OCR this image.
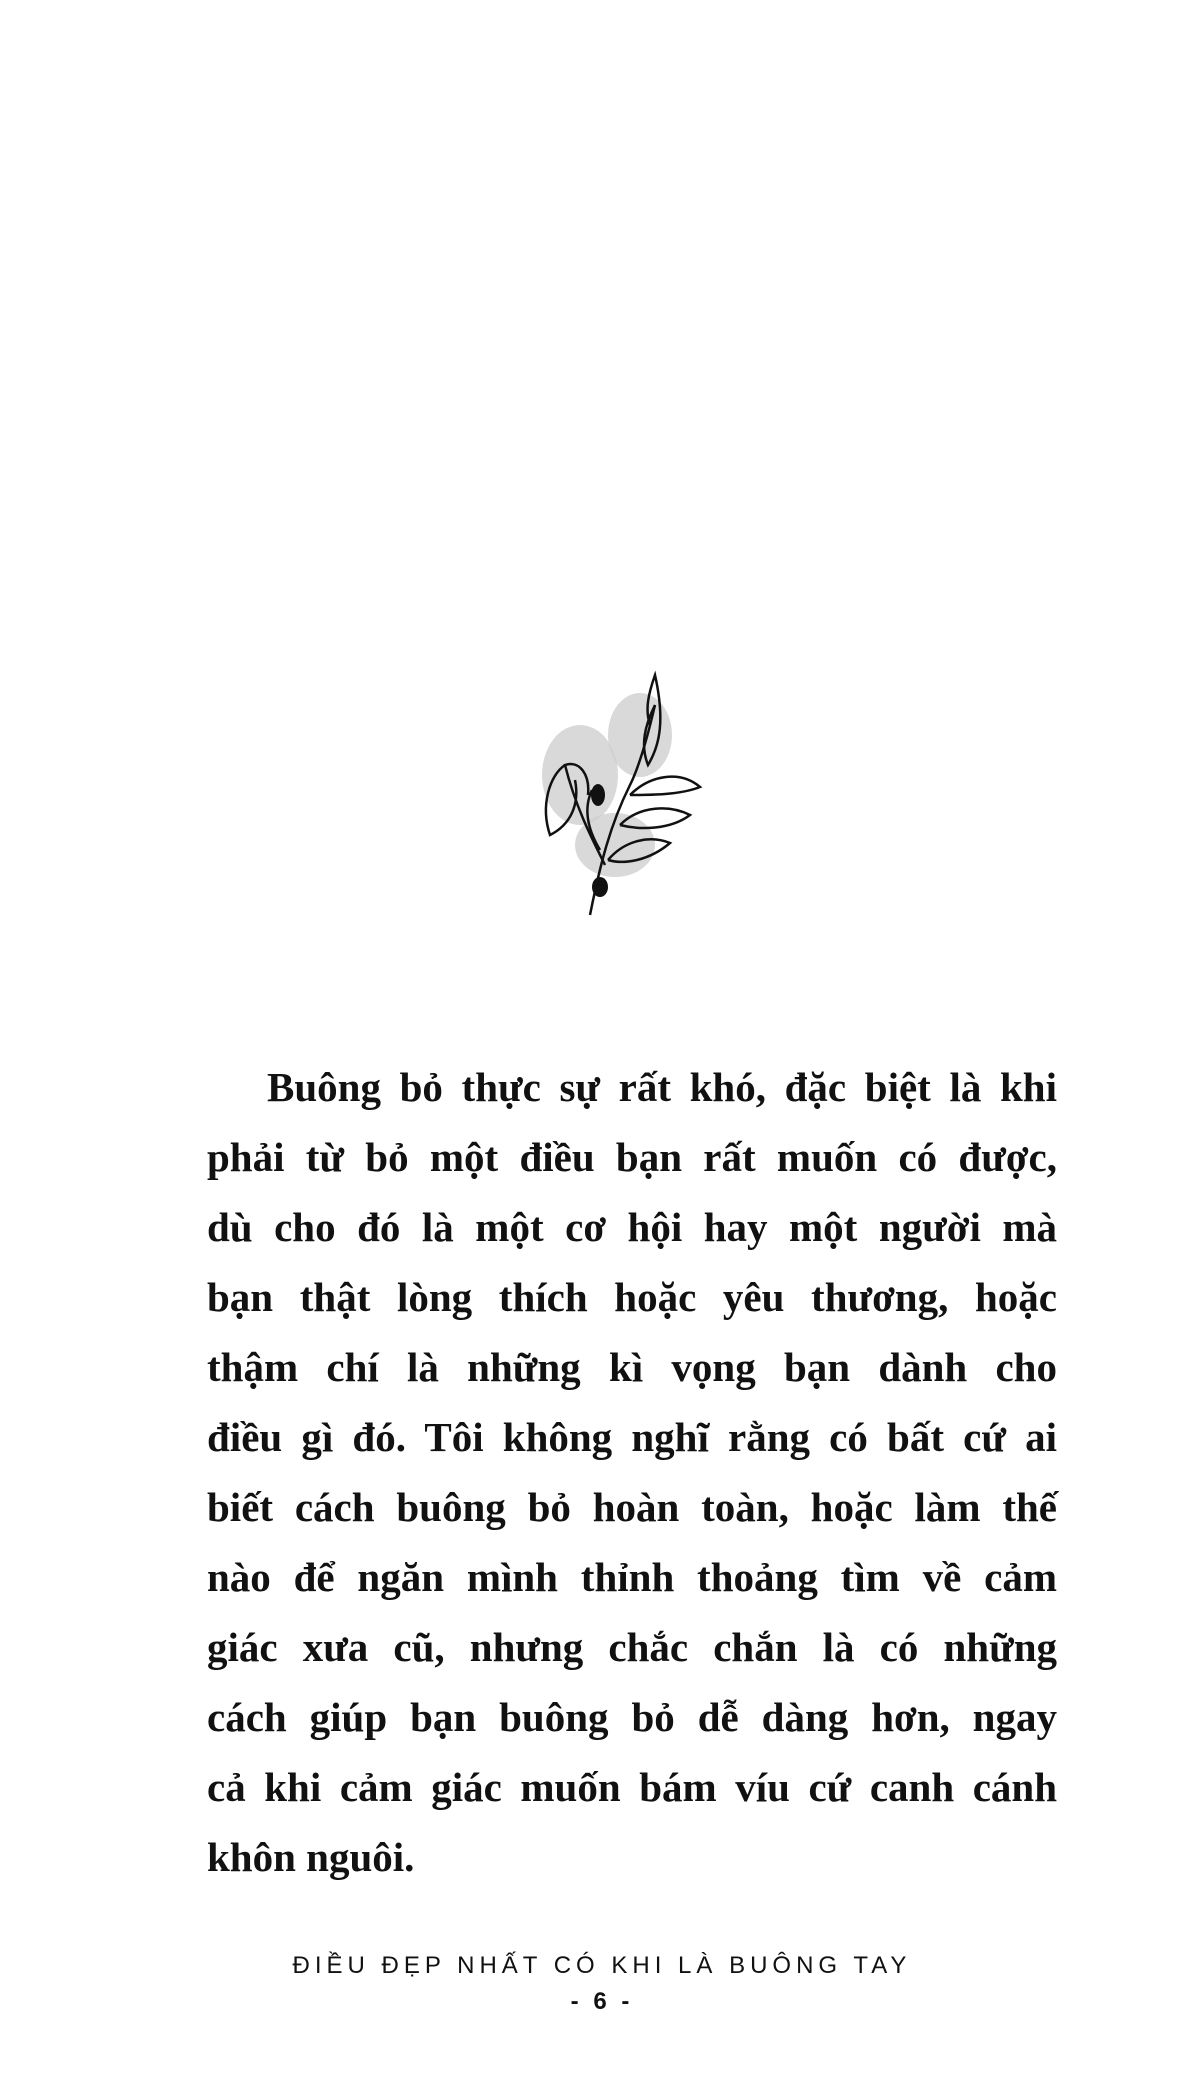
Buông bỏ thực sự rất khó, đặc biệt là khi
phải từ bỏ một điều bạn rất muốn có được,
dù cho đó là một cơ hội hay một người mà
bạn thật lòng thích hoặc yêu thương, hoặc
thậm chí là những kì vọng bạn dành cho
điều gì đó. Tôi không nghĩ rằng có bất cứ ai
biết cách buông bỏ hoàn toàn, hoặc làm thế
nào để ngăn mình thỉnh thoảng tìm về cảm
giác xưa cũ, nhưng chắc chắn là có những
cách giúp bạn buông bỏ dễ dàng hơn, ngay
cả khi cảm giác muốn bám víu cứ canh cánh
khôn nguôi.
ĐIỀU ĐẸP NHẤT CÓ KHI LÀ BUÔNG TAY
- 6 -
